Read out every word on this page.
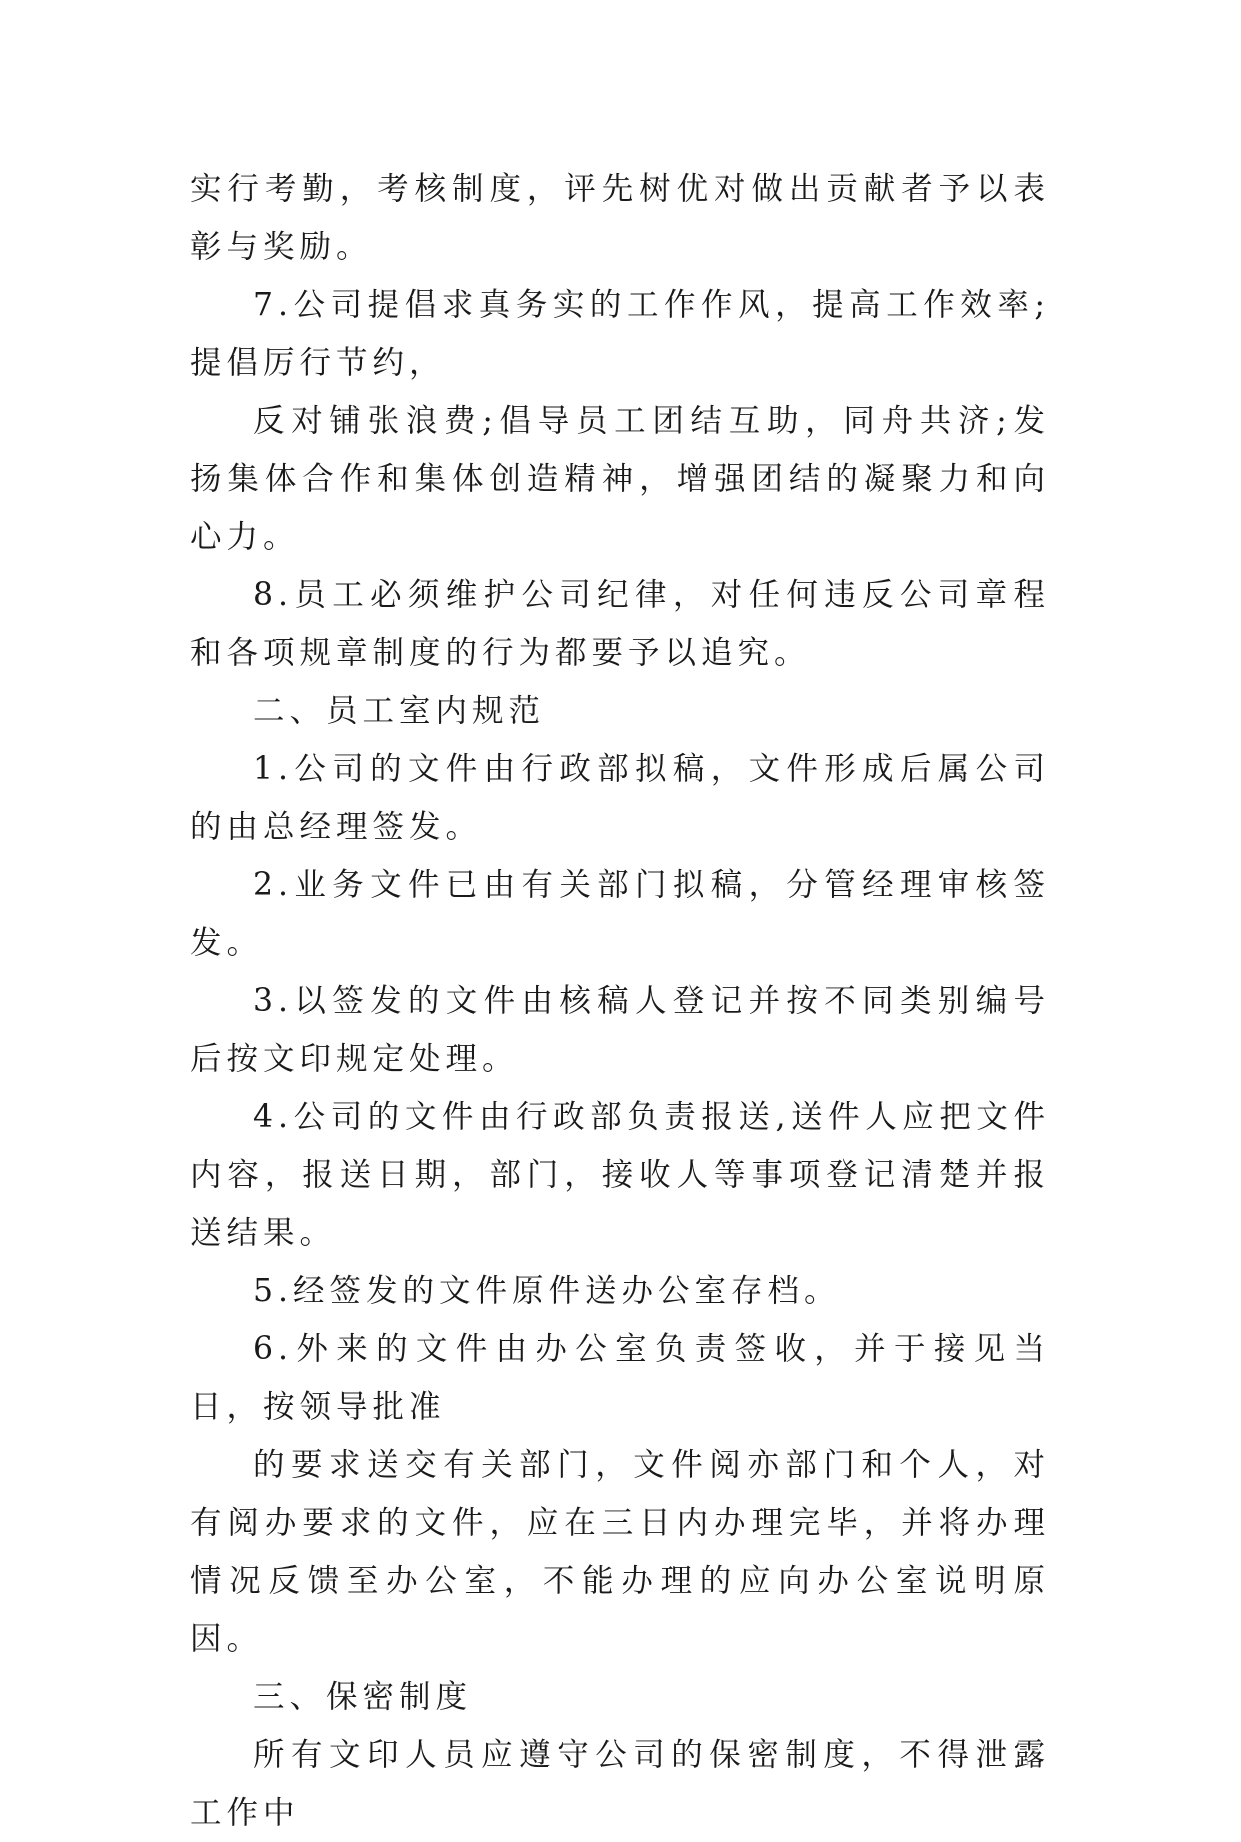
实行考勤，考核制度，评先树优对做出贡献者予以表彰与奖励。

7.公司提倡求真务实的工作作风，提高工作效率;提倡厉行节约，

反对铺张浪费;倡导员工团结互助，同舟共济;发扬集体合作和集体创造精神，增强团结的凝聚力和向心力。

8.员工必须维护公司纪律，对任何违反公司章程和各项规章制度的行为都要予以追究。

二、员工室内规范

1.公司的文件由行政部拟稿，文件形成后属公司的由总经理签发。

2.业务文件已由有关部门拟稿，分管经理审核签发。

3.以签发的文件由核稿人登记并按不同类别编号后按文印规定处理。

4.公司的文件由行政部负责报送,送件人应把文件内容，报送日期，部门，接收人等事项登记清楚并报送结果。

5.经签发的文件原件送办公室存档。

6.外来的文件由办公室负责签收，并于接见当日，按领导批准

的要求送交有关部门，文件阅亦部门和个人，对有阅办要求的文件，应在三日内办理完毕，并将办理情况反馈至办公室，不能办理的应向办公室说明原因。

三、保密制度

所有文印人员应遵守公司的保密制度，不得泄露工作中
